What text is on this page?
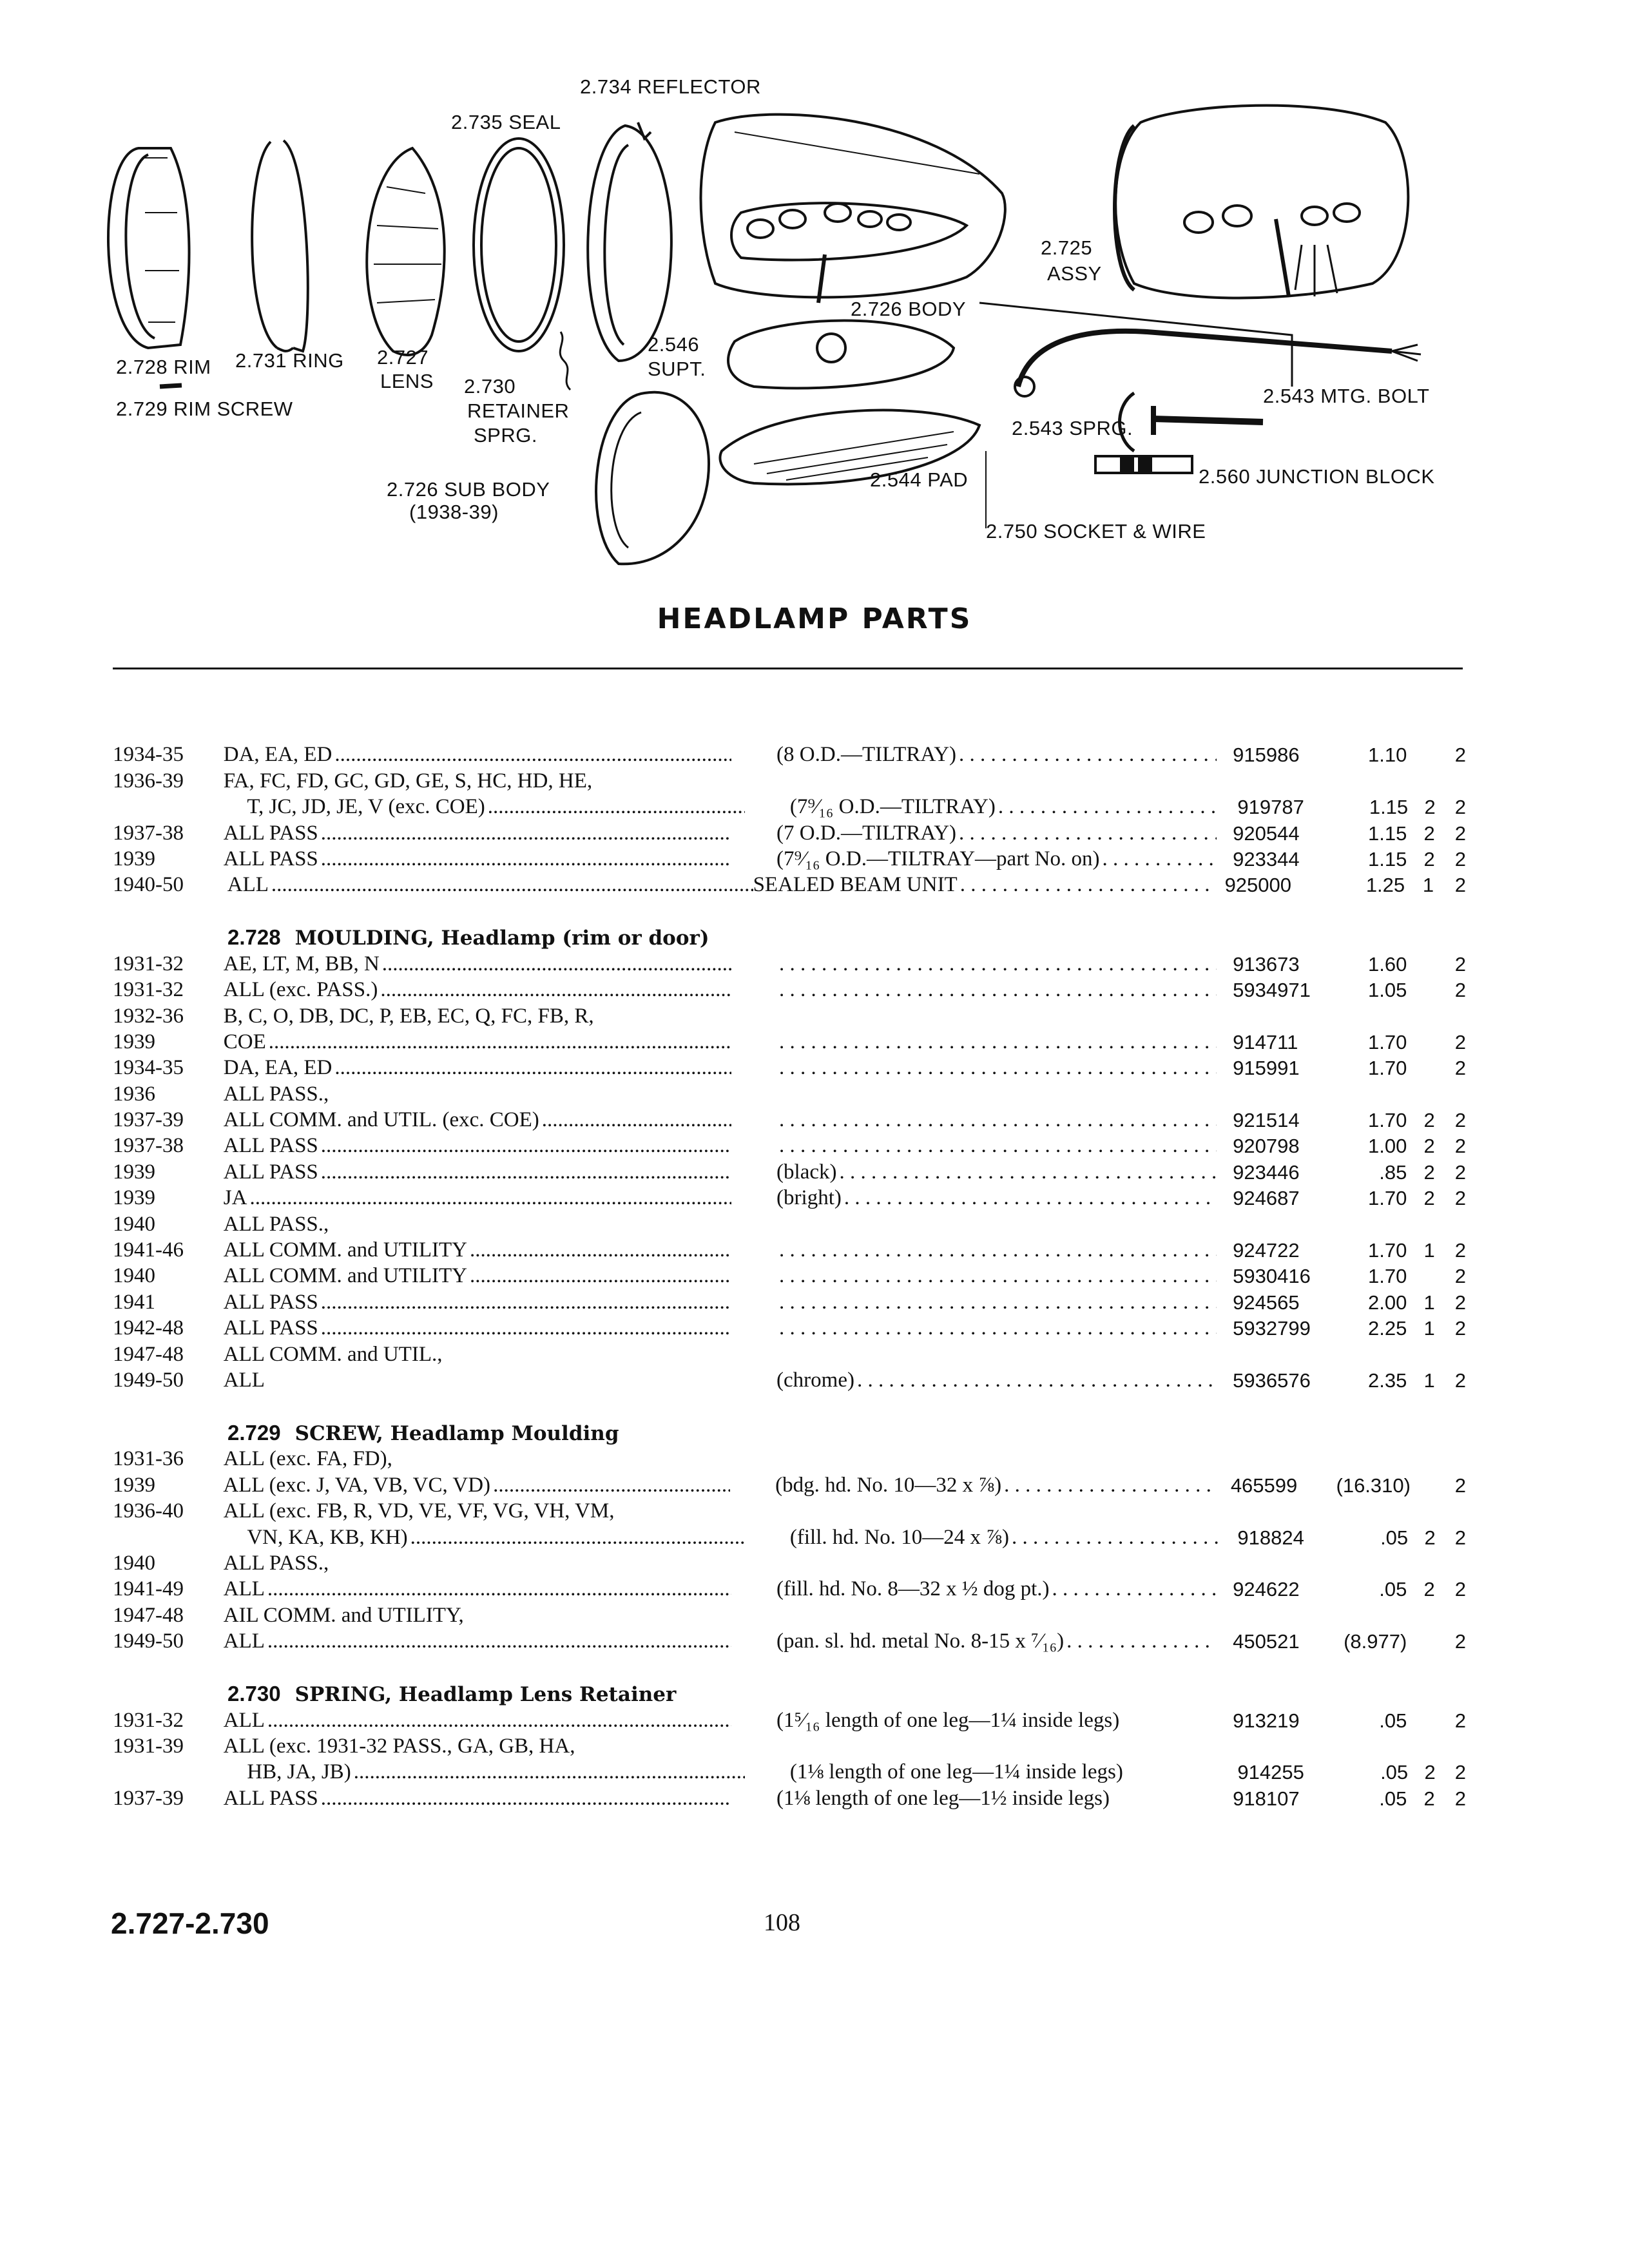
2.734 REFLECTOR
2.735 SEAL
2.725
ASSY
2.726 BODY
2.546
SUPT.
2.543 MTG. BOLT
2.728 RIM 2.731 RING 2.727
LENS
2.729 RIM SCREW
2.730
RETAINER
SPRG.	2.543 SPRG.
2.560 JUNCTION BLOCK
2.726 SUB BODY
(1938-39)
2.544 PAD
2.750 SOCKET & WIRE
HEADLAMP PARTS
1934-35	DA, EA, ED .....	(8 O.D.—TILTRAY) . . .	915986	1.10	2
1936-39	FA, FC, FD, GC, GD, GE, S, HC, HD, HE,
T, JC, JD, JE, V (exc. COE) .....	(7⁹⁄₁₆ O.D.—TILTRAY) . . .	919787	1.15 2 2
1937-38	ALL PASS .....	(7 O.D.—TILTRAY) . . .	920544	1.15 2	2
1939	ALL PASS .....	(7⁹⁄₁₆ O.D.—TILTRAY—part No. on) . . .	923344	1.15 2	2
1940-50	ALL .....	SEALED BEAM UNIT . . .	925000	1.25 1	2
2.728 MOULDING, Headlamp (rim or door)
1931-32	AE, LT, M, BB, N ..... . . .	913673	1.60	2
1931-32	ALL (exc. PASS.) ..... . . .	5934971	1.05	2
1932-36	B, C, O, DB, DC, P, EB, EC, Q, FC, FB, R,
1939	COE ..... . . .	914711	1.70	2
1934-35	DA, EA, ED ..... . . .	915991	1.70	2
1936	ALL PASS.,
1937-39	ALL COMM. and UTIL. (exc. COE) ..... . . .	921514	1.70 2	2
1937-38	ALL PASS ..... . . .	920798	1.00 2	2
1939	ALL PASS .....	(black) . . .	923446	.85 2	2
1939	JA .....	(bright) . . .	924687	1.70 2	2
1940	ALL PASS.,
1941-46	ALL COMM. and UTILITY ..... . . .	924722	1.70 1	2
1940	ALL COMM. and UTILITY ..... . . .	5930416	1.70	2
1941	ALL PASS ..... . . .	924565	2.00 1	2
1942-48	ALL PASS ..... . . .	5932799	2.25 1	2
1947-48	ALL COMM. and UTIL.,
1949-50	ALL	(chrome) . . .	5936576	2.35 1	2
2.729 SCREW, Headlamp Moulding
1931-36	ALL (exc. FA, FD),
1939	ALL (exc. J, VA, VB, VC, VD) .....	(bdg. hd. No. 10—32 x ⅞) . . .	465599	(16.310)	2
1936-40	ALL (exc. FB, R, VD, VE, VF, VG, VH, VM,
VN, KA, KB, KH) .....	(fill. hd. No. 10—24 x ⅞) . . .	918824	.05 2 2
1940	ALL PASS.,
1941-49	ALL .....	(fill. hd. No. 8—32 x ½ dog pt.) . . .	924622	.05 2	2
1947-48	AIL COMM. and UTILITY,
1949-50	ALL .....	(pan. sl. hd. metal No. 8-15 x ⁷⁄₁₆) . . .	450521	(8.977)	2
2.730 SPRING, Headlamp Lens Retainer
1931-32	ALL .....	(1⁵⁄₁₆ length of one leg—1¼ inside legs)	913219	.05	2
1931-39	ALL (exc. 1931-32 PASS., GA, GB, HA,
HB, JA, JB) .....	(1⅛ length of one leg—1¼ inside legs)	914255	.05 2 2
1937-39	ALL PASS .....	(1⅛ length of one leg—1½ inside legs)	918107	.05 2	2
2.727-2.730	108
